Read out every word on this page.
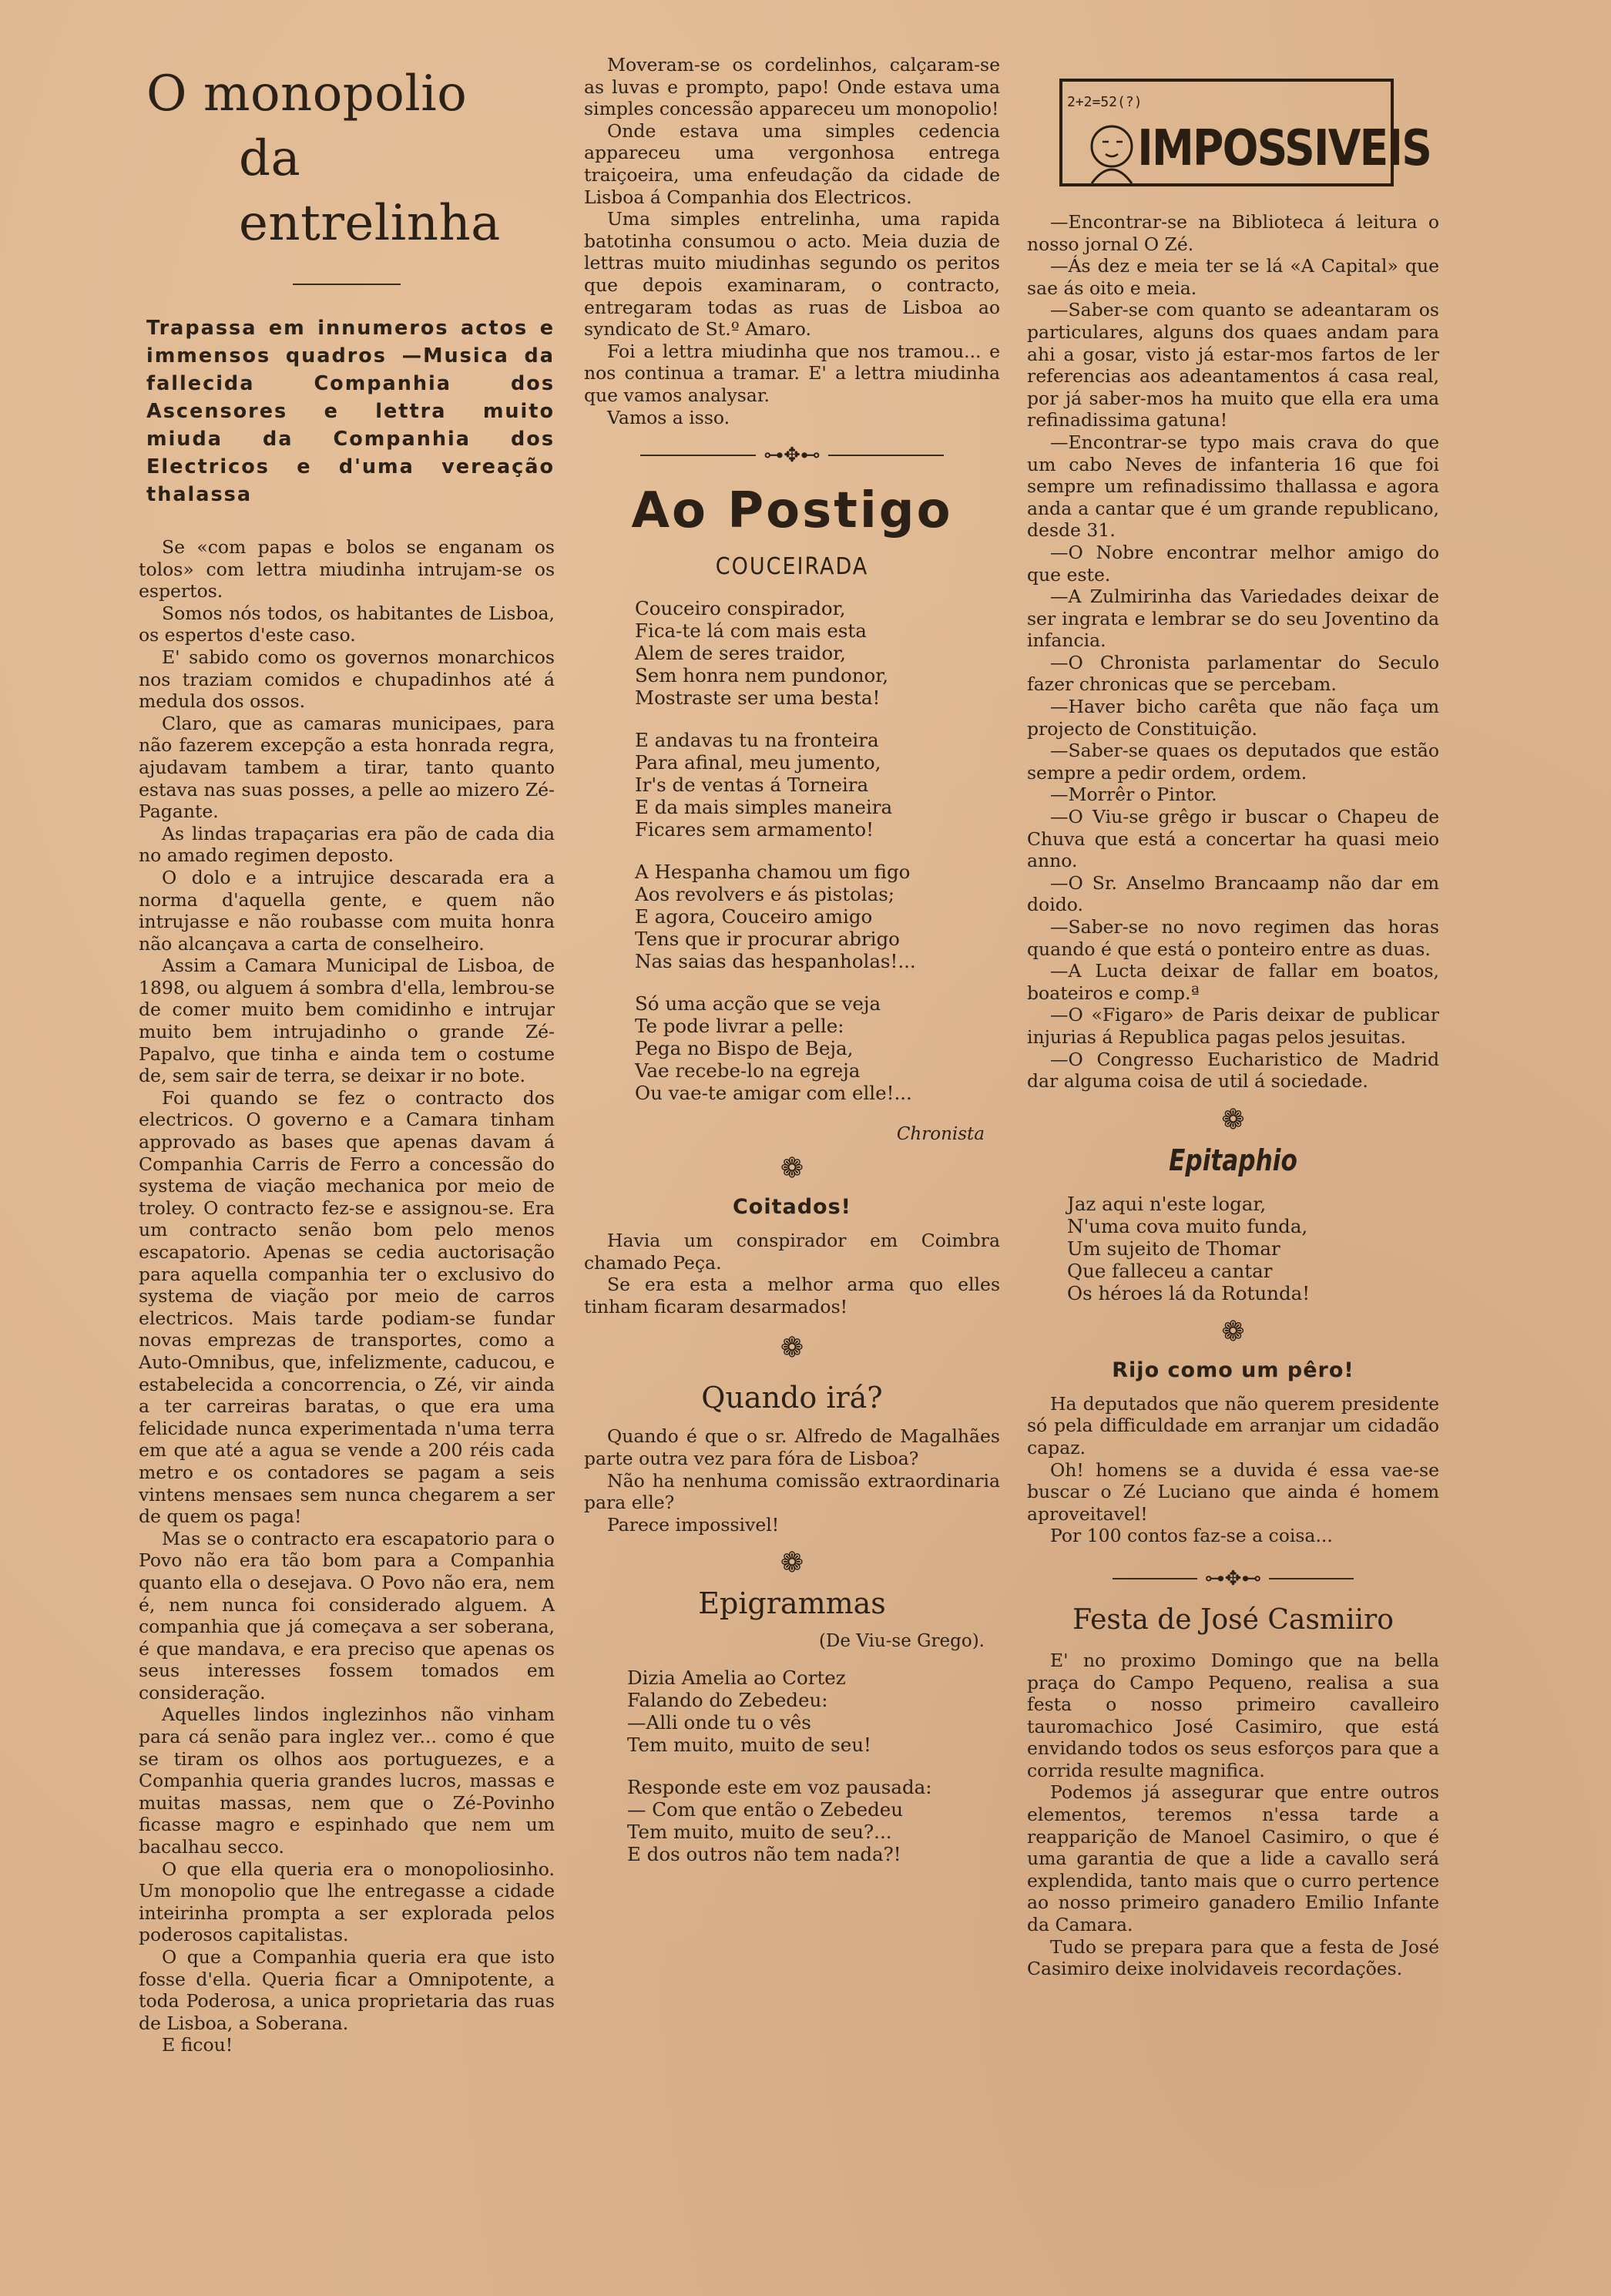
O monopolio
da entrelinha

Trapassa em innumeros actos e immensos quadros —Musica da fallecida Companhia dos Ascensores e lettra muito miuda da Companhia dos Electricos e d'uma vereação thalassa

Se «com papas e bolos se enganam os tolos» com lettra miudinha intrujam-se os espertos.

Somos nós todos, os habitantes de Lisboa, os espertos d'este caso.

E' sabido como os governos monarchicos nos traziam comidos e chupadinhos até á medula dos ossos.

Claro, que as camaras municipaes, para não fazerem excepção a esta honrada regra, ajudavam tambem a tirar, tanto quanto estava nas suas posses, a pelle ao mizero Zé-Pagante.

As lindas trapaçarias era pão de cada dia no amado regimen deposto.

O dolo e a intrujice descarada era a norma d'aquella gente, e quem não intrujasse e não roubasse com muita honra não alcançava a carta de conselheiro.

Assim a Camara Municipal de Lisboa, de 1898, ou alguem á sombra d'ella, lembrou-se de comer muito bem comidinho e intrujar muito bem intrujadinho o grande Zé-Papalvo, que tinha e ainda tem o costume de, sem sair de terra, se deixar ir no bote.

Foi quando se fez o contracto dos electricos. O governo e a Camara tinham approvado as bases que apenas davam á Companhia Carris de Ferro a concessão do systema de viação mechanica por meio de troley. O contracto fez-se e assignou-se. Era um contracto senão bom pelo menos escapatorio. Apenas se cedia auctorisação para aquella companhia ter o exclusivo do systema de viação por meio de carros electricos. Mais tarde podiam-se fundar novas emprezas de transportes, como a Auto-Omnibus, que, infelizmente, caducou, e estabelecida a concorrencia, o Zé, vir ainda a ter carreiras baratas, o que era uma felicidade nunca experimentada n'uma terra em que até a agua se vende a 200 réis cada metro e os contadores se pagam a seis vintens mensaes sem nunca chegarem a ser de quem os paga!

Mas se o contracto era escapatorio para o Povo não era tão bom para a Companhia quanto ella o desejava. O Povo não era, nem é, nem nunca foi considerado alguem. A companhia que já começava a ser soberana, é que mandava, e era preciso que apenas os seus interesses fossem tomados em consideração.

Aquelles lindos inglezinhos não vinham para cá senão para inglez ver... como é que se tiram os olhos aos portuguezes, e a Companhia queria grandes lucros, massas e muitas massas, nem que o Zé-Povinho ficasse magro e espinhado que nem um bacalhau secco.

O que ella queria era o monopoliosinho. Um monopolio que lhe entregasse a cidade inteirinha prompta a ser explorada pelos poderosos capitalistas.

O que a Companhia queria era que isto fosse d'ella. Queria ficar a Omnipotente, a toda Poderosa, a unica proprietaria das ruas de Lisboa, a Soberana.

E ficou!

Moveram-se os cordelinhos, calçaram-se as luvas e prompto, papo! Onde estava uma simples concessão appareceu um monopolio!

Onde estava uma simples cedencia appareceu uma vergonhosa entrega traiçoeira, uma enfeudação da cidade de Lisboa á Companhia dos Electricos.

Uma simples entrelinha, uma rapida batotinha consumou o acto. Meia duzia de lettras muito miudinhas segundo os peritos que depois examinaram, o contracto, entregaram todas as ruas de Lisboa ao syndicato de St.º Amaro.

Foi a lettra miudinha que nos tramou... e nos continua a tramar. E' a lettra miudinha que vamos analysar.

Vamos a isso.

⊶✥⊷
Ao Postigo
COUCEIRADA
Couceiro conspirador,
Fica-te lá com mais esta
Alem de seres traidor,
Sem honra nem pundonor,
Mostraste ser uma besta!
E andavas tu na fronteira
Para afinal, meu jumento,
Ir's de ventas á Torneira
E da mais simples maneira
Ficares sem armamento!
A Hespanha chamou um figo
Aos revolvers e ás pistolas;
E agora, Couceiro amigo
Tens que ir procurar abrigo
Nas saias das hespanholas!...
Só uma acção que se veja
Te pode livrar a pelle:
Pega no Bispo de Beja,
Vae recebe-lo na egreja
Ou vae-te amigar com elle!...
Chronista
❁
Coitados!

Havia um conspirador em Coimbra chamado Peça.

Se era esta a melhor arma quo elles tinham ficaram desarmados!

❁
Quando irá?

Quando é que o sr. Alfredo de Magalhães parte outra vez para fóra de Lisboa?

Não ha nenhuma comissão extraordinaria para elle?

Parece impossivel!

❁
Epigrammas
(De Viu-se Grego).
Dizia Amelia ao Cortez
Falando do Zebedeu:
—Alli onde tu o vês
Tem muito, muito de seu!
Responde este em voz pausada:
— Com que então o Zebedeu
Tem muito, muito de seu?...
E dos outros não tem nada?!
2+2=52(?)
IMPOSSIVEIS

—Encontrar-se na Biblioteca á leitura o nosso jornal O Zé.

—Ás dez e meia ter se lá «A Capital» que sae ás oito e meia.

—Saber-se com quanto se adeantaram os particulares, alguns dos quaes andam para ahi a gosar, visto já estar-mos fartos de ler referencias aos adeantamentos á casa real, por já saber-mos ha muito que ella era uma refinadissima gatuna!

—Encontrar-se typo mais crava do que um cabo Neves de infanteria 16 que foi sempre um refinadissimo thallassa e agora anda a cantar que é um grande republicano, desde 31.

—O Nobre encontrar melhor amigo do que este.

—A Zulmirinha das Variedades deixar de ser ingrata e lembrar se do seu Joventino da infancia.

—O Chronista parlamentar do Seculo fazer chronicas que se percebam.

—Haver bicho carêta que não faça um projecto de Constituição.

—Saber-se quaes os deputados que estão sempre a pedir ordem, ordem.

—Morrêr o Pintor.

—O Viu-se grêgo ir buscar o Chapeu de Chuva que está a concertar ha quasi meio anno.

—O Sr. Anselmo Brancaamp não dar em doido.

—Saber-se no novo regimen das horas quando é que está o ponteiro entre as duas.

—A Lucta deixar de fallar em boatos, boateiros e comp.ª

—O «Figaro» de Paris deixar de publicar injurias á Republica pagas pelos jesuitas.

—O Congresso Eucharistico de Madrid dar alguma coisa de util á sociedade.

❁
Epitaphio
Jaz aqui n'este logar,
N'uma cova muito funda,
Um sujeito de Thomar
Que falleceu a cantar
Os héroes lá da Rotunda!
❁
Rijo como um pêro!

Ha deputados que não querem presidente só pela difficuldade em arranjar um cidadão capaz.

Oh! homens se a duvida é essa vae-se buscar o Zé Luciano que ainda é homem aproveitavel!

Por 100 contos faz-se a coisa...

⊶✥⊷
Festa de José Casmiiro

E' no proximo Domingo que na bella praça do Campo Pequeno, realisa a sua festa o nosso primeiro cavalleiro tauromachico José Casimiro, que está envidando todos os seus esforços para que a corrida resulte magnifica.

Podemos já assegurar que entre outros elementos, teremos n'essa tarde a reapparição de Manoel Casimiro, o que é uma garantia de que a lide a cavallo será explendida, tanto mais que o curro pertence ao nosso primeiro ganadero Emilio Infante da Camara.

Tudo se prepara para que a festa de José Casimiro deixe inolvidaveis recordações.
